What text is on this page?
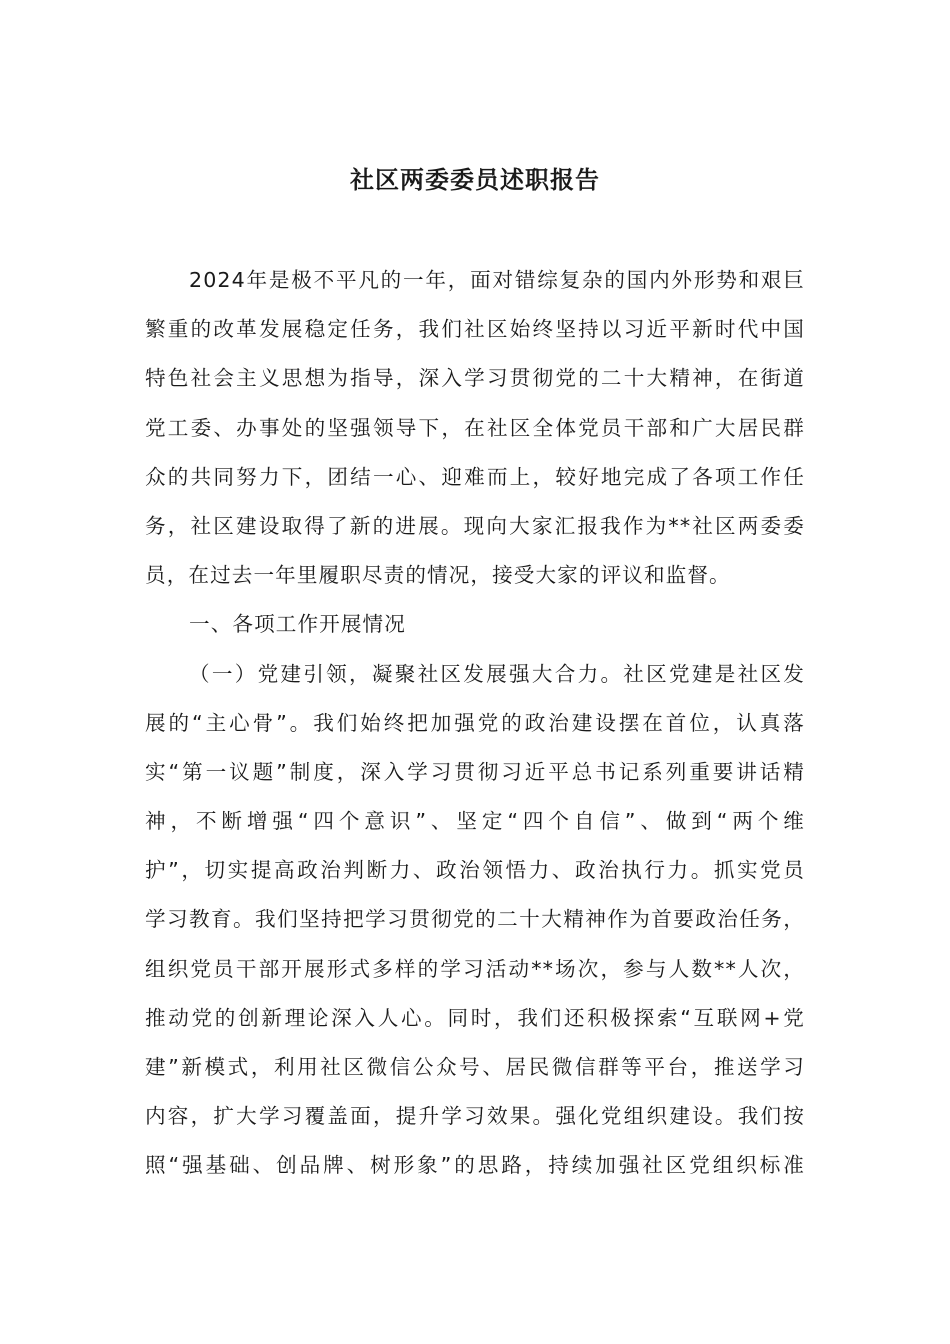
社区两委委员述职报告
2024年是极不平凡的一年，面对错综复杂的国内外形势和艰巨
繁重的改革发展稳定任务，我们社区始终坚持以习近平新时代中国
特色社会主义思想为指导，深入学习贯彻党的二十大精神，在街道
党工委、办事处的坚强领导下，在社区全体党员干部和广大居民群
众的共同努力下，团结一心、迎难而上，较好地完成了各项工作任
务，社区建设取得了新的进展。现向大家汇报我作为**社区两委委
员，在过去一年里履职尽责的情况，接受大家的评议和监督。
一、各项工作开展情况
（一）党建引领，凝聚社区发展强大合力。社区党建是社区发
展的“主心骨”。我们始终把加强党的政治建设摆在首位，认真落
实“第一议题”制度，深入学习贯彻习近平总书记系列重要讲话精
神，不断增强“四个意识”、坚定“四个自信”、做到“两个维
护”，切实提高政治判断力、政治领悟力、政治执行力。抓实党员
学习教育。我们坚持把学习贯彻党的二十大精神作为首要政治任务，
组织党员干部开展形式多样的学习活动**场次，参与人数**人次，
推动党的创新理论深入人心。同时，我们还积极探索“互联网+党
建”新模式，利用社区微信公众号、居民微信群等平台，推送学习
内容，扩大学习覆盖面，提升学习效果。强化党组织建设。我们按
照“强基础、创品牌、树形象”的思路，持续加强社区党组织标准
